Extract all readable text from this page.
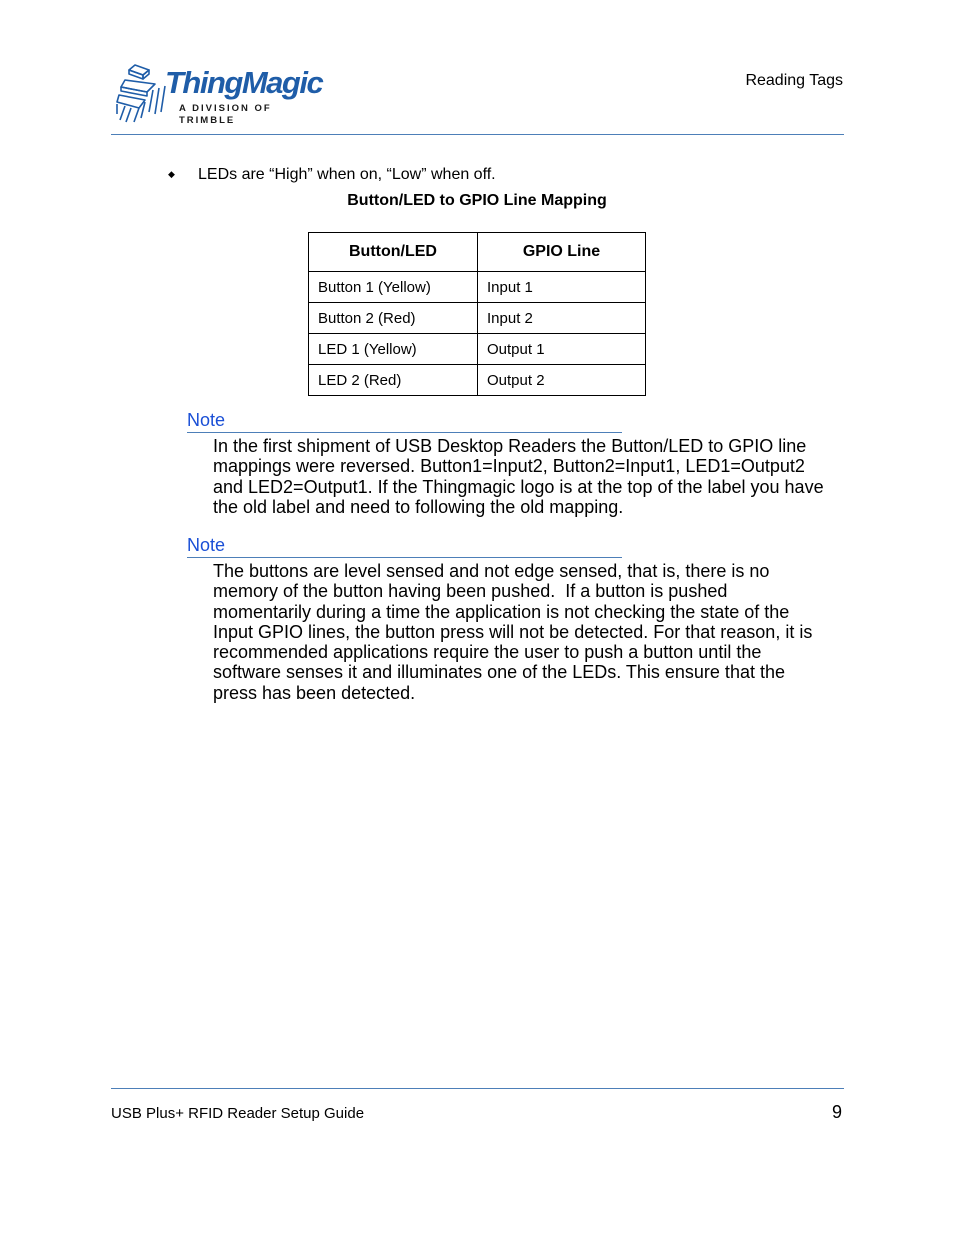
ThingMagic
A DIVISION OF TRIMBLE
Reading Tags
◆ LEDs are “High” when on, “Low” when off.
Button/LED to GPIO Line Mapping
Button/LED	GPIO Line
Button 1 (Yellow)	Input 1
Button 2 (Red)	Input 2
LED 1 (Yellow)	Output 1
LED 2 (Red)	Output 2
Note
In the first shipment of USB Desktop Readers the Button/LED to GPIO line
mappings were reversed. Button1=Input2, Button2=Input1, LED1=Output2
and LED2=Output1. If the Thingmagic logo is at the top of the label you have
the old label and need to following the old mapping.
Note
The buttons are level sensed and not edge sensed, that is, there is no
memory of the button having been pushed.  If a button is pushed
momentarily during a time the application is not checking the state of the
Input GPIO lines, the button press will not be detected. For that reason, it is
recommended applications require the user to push a button until the
software senses it and illuminates one of the LEDs. This ensure that the
press has been detected.
USB Plus+ RFID Reader Setup Guide	9
